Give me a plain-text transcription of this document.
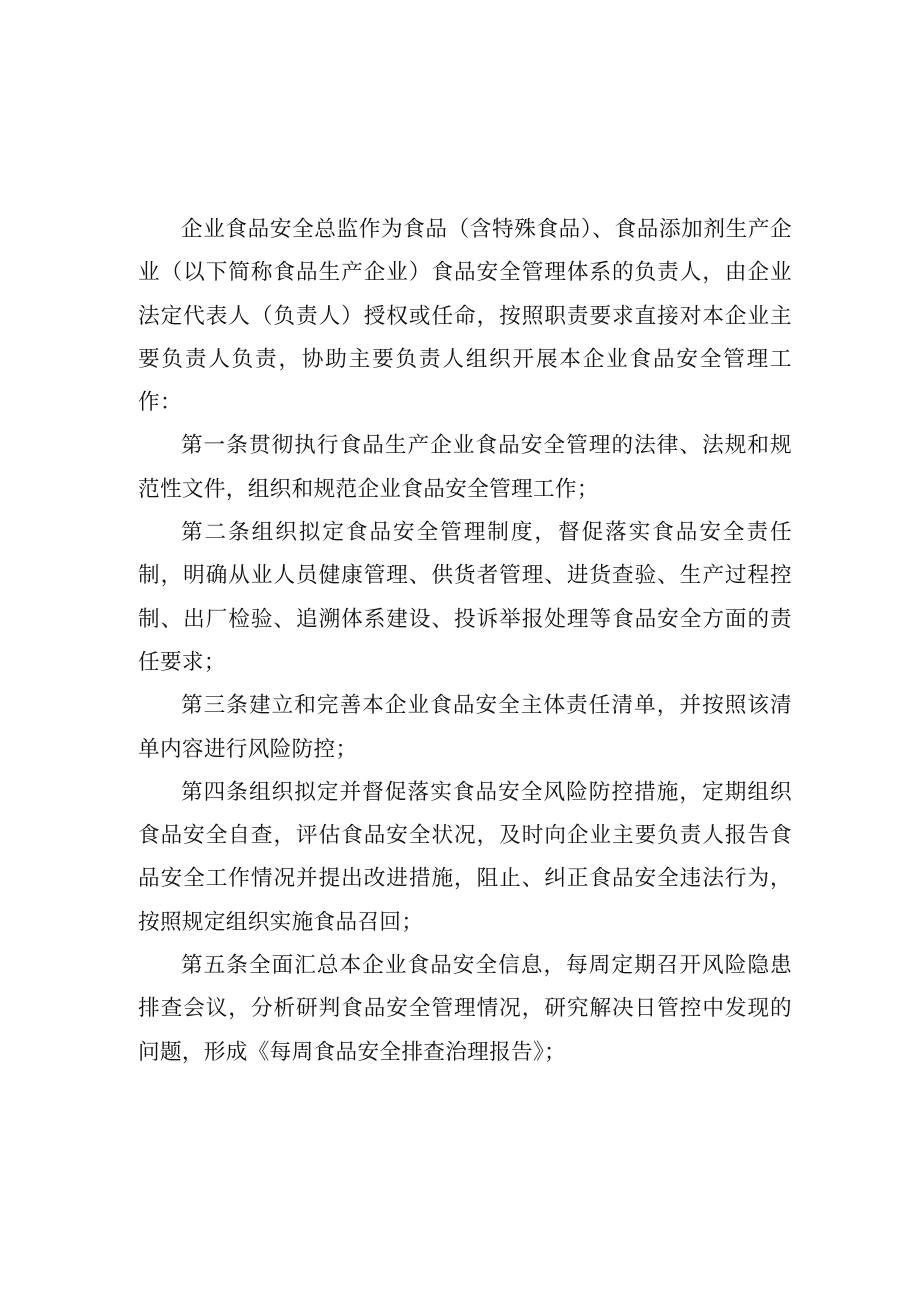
企业食品安全总监作为食品（含特殊食品）、食品添加剂生产企业（以下简称食品生产企业）食品安全管理体系的负责人，由企业法定代表人（负责人）授权或任命，按照职责要求直接对本企业主要负责人负责，协助主要负责人组织开展本企业食品安全管理工作：

第一条贯彻执行食品生产企业食品安全管理的法律、法规和规范性文件，组织和规范企业食品安全管理工作；

第二条组织拟定食品安全管理制度，督促落实食品安全责任制，明确从业人员健康管理、供货者管理、进货查验、生产过程控制、出厂检验、追溯体系建设、投诉举报处理等食品安全方面的责任要求；

第三条建立和完善本企业食品安全主体责任清单，并按照该清单内容进行风险防控；

第四条组织拟定并督促落实食品安全风险防控措施，定期组织食品安全自查，评估食品安全状况，及时向企业主要负责人报告食品安全工作情况并提出改进措施，阻止、纠正食品安全违法行为，按照规定组织实施食品召回；

第五条全面汇总本企业食品安全信息，每周定期召开风险隐患排查会议，分析研判食品安全管理情况，研究解决日管控中发现的问题，形成《每周食品安全排查治理报告》；
